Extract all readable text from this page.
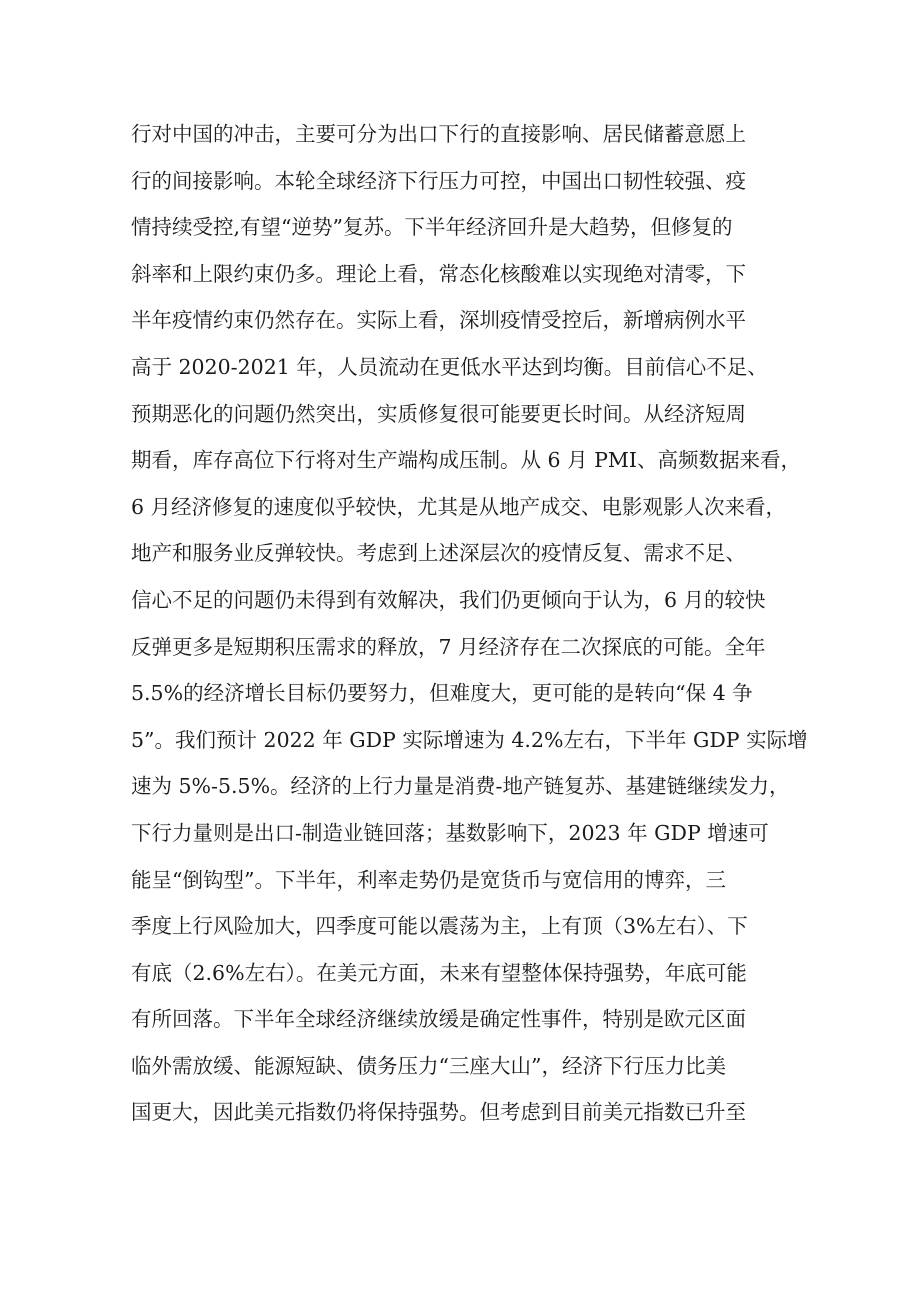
行对中国的冲击，主要可分为出口下行的直接影响、居民储蓄意愿上
行的间接影响。本轮全球经济下行压力可控，中国出口韧性较强、疫
情持续受控,有望“逆势”复苏。下半年经济回升是大趋势，但修复的
斜率和上限约束仍多。理论上看，常态化核酸难以实现绝对清零，下
半年疫情约束仍然存在。实际上看，深圳疫情受控后，新增病例水平
高于 2020-2021 年，人员流动在更低水平达到均衡。目前信心不足、
预期恶化的问题仍然突出，实质修复很可能要更长时间。从经济短周
期看，库存高位下行将对生产端构成压制。从 6 月 PMI、高频数据来看，
6 月经济修复的速度似乎较快，尤其是从地产成交、电影观影人次来看，
地产和服务业反弹较快。考虑到上述深层次的疫情反复、需求不足、
信心不足的问题仍未得到有效解决，我们仍更倾向于认为，6 月的较快
反弹更多是短期积压需求的释放，7 月经济存在二次探底的可能。全年
5.5%的经济增长目标仍要努力，但难度大，更可能的是转向“保 4 争
5”。我们预计 2022 年 GDP 实际增速为 4.2%左右，下半年 GDP 实际增
速为 5%-5.5%。经济的上行力量是消费-地产链复苏、基建链继续发力，
下行力量则是出口-制造业链回落；基数影响下，2023 年 GDP 增速可
能呈“倒钩型”。下半年，利率走势仍是宽货币与宽信用的博弈，三
季度上行风险加大，四季度可能以震荡为主，上有顶（3%左右）、下
有底（2.6%左右）。在美元方面，未来有望整体保持强势，年底可能
有所回落。下半年全球经济继续放缓是确定性事件，特别是欧元区面
临外需放缓、能源短缺、债务压力“三座大山”，经济下行压力比美
国更大，因此美元指数仍将保持强势。但考虑到目前美元指数已升至
